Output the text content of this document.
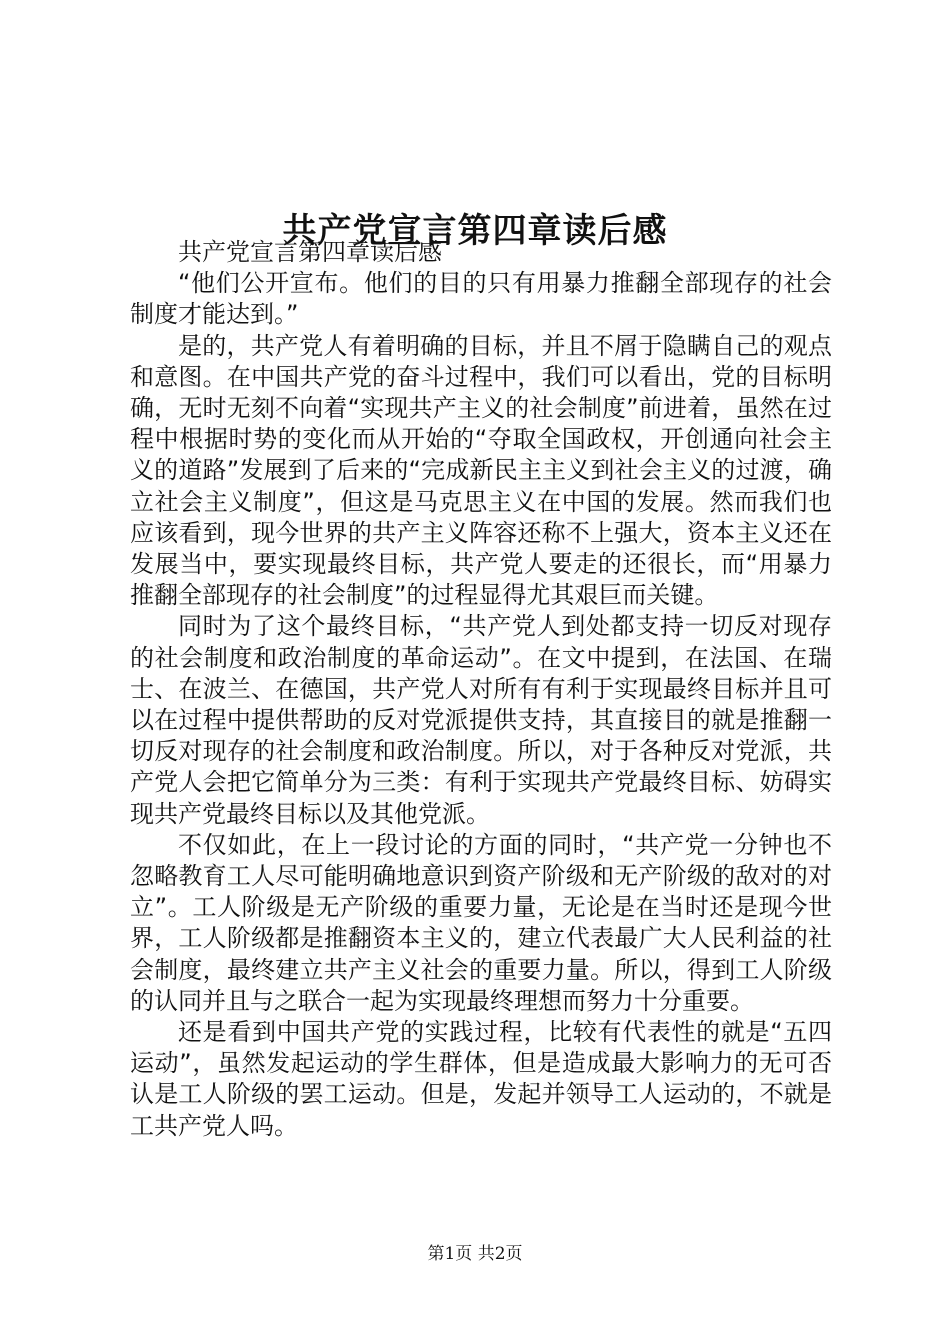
共产党宣言第四章读后感

共产党宣言第四章读后感

“他们公开宣布。他们的目的只有用暴力推翻全部现存的社会制度才能达到。”

是的，共产党人有着明确的目标，并且不屑于隐瞒自己的观点和意图。在中国共产党的奋斗过程中，我们可以看出，党的目标明确，无时无刻不向着“实现共产主义的社会制度”前进着，虽然在过程中根据时势的变化而从开始的“夺取全国政权，开创通向社会主义的道路”发展到了后来的“完成新民主主义到社会主义的过渡，确立社会主义制度”，但这是马克思主义在中国的发展。然而我们也应该看到，现今世界的共产主义阵容还称不上强大，资本主义还在发展当中，要实现最终目标，共产党人要走的还很长，而“用暴力推翻全部现存的社会制度”的过程显得尤其艰巨而关键。

同时为了这个最终目标，“共产党人到处都支持一切反对现存的社会制度和政治制度的革命运动”。在文中提到，在法国、在瑞士、在波兰、在德国，共产党人对所有有利于实现最终目标并且可以在过程中提供帮助的反对党派提供支持，其直接目的就是推翻一切反对现存的社会制度和政治制度。所以，对于各种反对党派，共产党人会把它简单分为三类：有利于实现共产党最终目标、妨碍实现共产党最终目标以及其他党派。

不仅如此，在上一段讨论的方面的同时，“共产党一分钟也不忽略教育工人尽可能明确地意识到资产阶级和无产阶级的敌对的对立”。工人阶级是无产阶级的重要力量，无论是在当时还是现今世界，工人阶级都是推翻资本主义的，建立代表最广大人民利益的社会制度，最终建立共产主义社会的重要力量。所以，得到工人阶级的认同并且与之联合一起为实现最终理想而努力十分重要。

还是看到中国共产党的实践过程，比较有代表性的就是“五四运动”，虽然发起运动的学生群体，但是造成最大影响力的无可否认是工人阶级的罢工运动。但是，发起并领导工人运动的，不就是工共产党人吗。

第1页 共2页
